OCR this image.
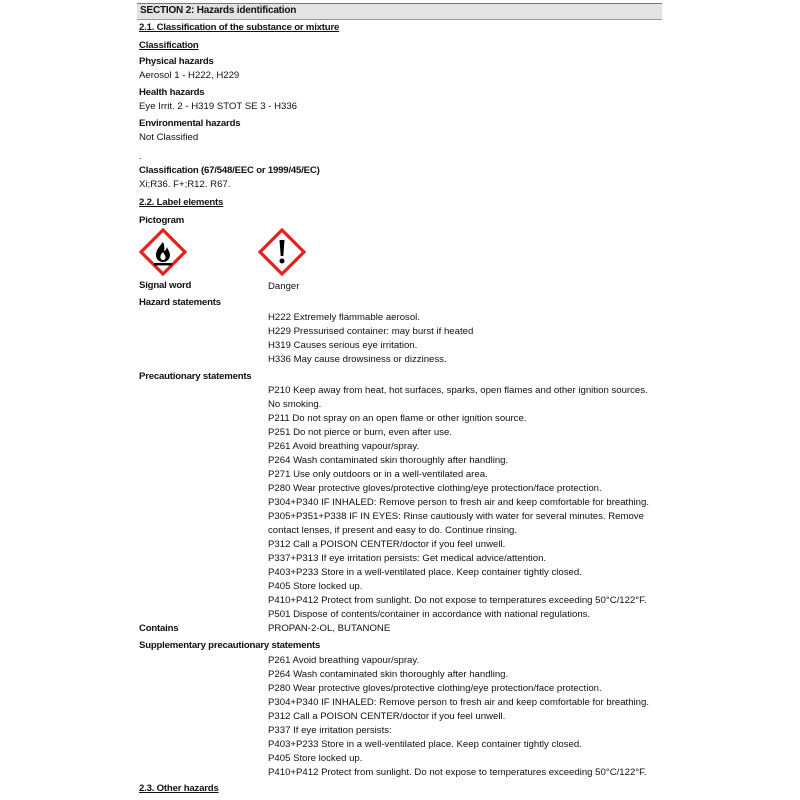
SECTION 2: Hazards identification
2.1. Classification of the substance or mixture
Classification
Physical hazards
Aerosol 1 - H222, H229
Health hazards
Eye Irrit. 2 - H319 STOT SE 3 - H336
Environmental hazards
Not Classified
.
Classification (67/548/EEC or 1999/45/EC)
Xi;R36. F+;R12. R67.
2.2. Label elements
Pictogram
Signal word	Danger
Hazard statements
H222 Extremely flammable aerosol.
H229 Pressurised container: may burst if heated
H319 Causes serious eye irritation.
H336 May cause drowsiness or dizziness.
Precautionary statements
P210 Keep away from heat, hot surfaces, sparks, open flames and other ignition sources. No smoking.
P211 Do not spray on an open flame or other ignition source.
P251 Do not pierce or burn, even after use.
P261 Avoid breathing vapour/spray.
P264 Wash contaminated skin thoroughly after handling.
P271 Use only outdoors or in a well-ventilated area.
P280 Wear protective gloves/protective clothing/eye protection/face protection.
P304+P340 IF INHALED: Remove person to fresh air and keep comfortable for breathing.
P305+P351+P338 IF IN EYES: Rinse cautiously with water for several minutes. Remove contact lenses, if present and easy to do. Continue rinsing.
P312 Call a POISON CENTER/doctor if you feel unwell.
P337+P313 If eye irritation persists: Get medical advice/attention.
P403+P233 Store in a well-ventilated place. Keep container tightly closed.
P405 Store locked up.
P410+P412 Protect from sunlight. Do not expose to temperatures exceeding 50°C/122°F.
P501 Dispose of contents/container in accordance with national regulations.
Contains	PROPAN-2-OL, BUTANONE
Supplementary precautionary statements
P261 Avoid breathing vapour/spray.
P264 Wash contaminated skin thoroughly after handling.
P280 Wear protective gloves/protective clothing/eye protection/face protection.
P304+P340 IF INHALED: Remove person to fresh air and keep comfortable for breathing.
P312 Call a POISON CENTER/doctor if you feel unwell.
P337 If eye irritation persists:
P403+P233 Store in a well-ventilated place. Keep container tightly closed.
P405 Store locked up.
P410+P412 Protect from sunlight. Do not expose to temperatures exceeding 50°C/122°F.
2.3. Other hazards
